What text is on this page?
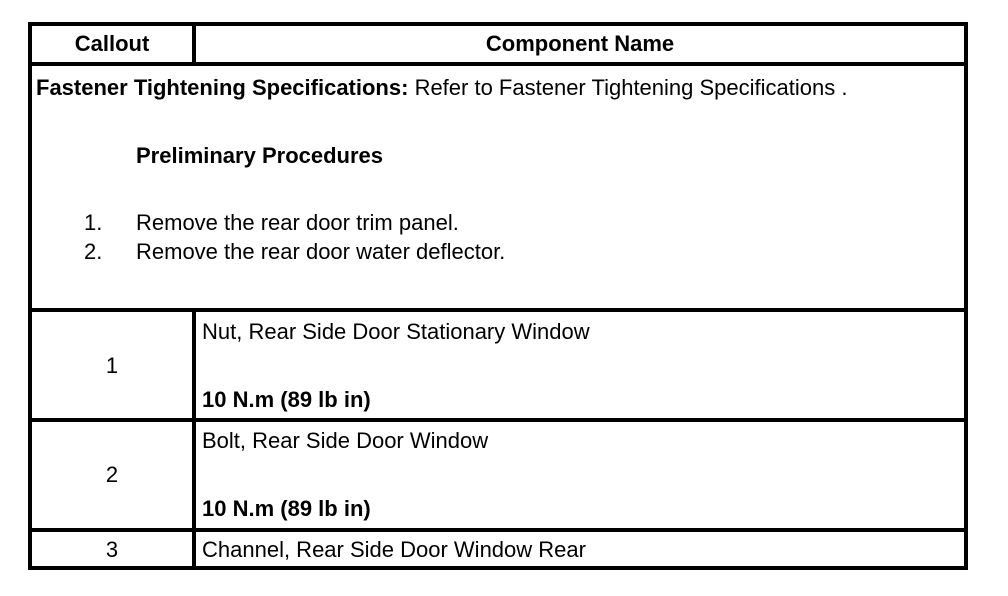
Callout	Component Name
Fastener Tightening Specifications: Refer to Fastener Tightening Specifications .
Preliminary Procedures
1. Remove the rear door trim panel.
2. Remove the rear door water deflector.
1
Nut, Rear Side Door Stationary Window
10 N.m (89 lb in)
2
Bolt, Rear Side Door Window
10 N.m (89 lb in)
3	Channel, Rear Side Door Window Rear
